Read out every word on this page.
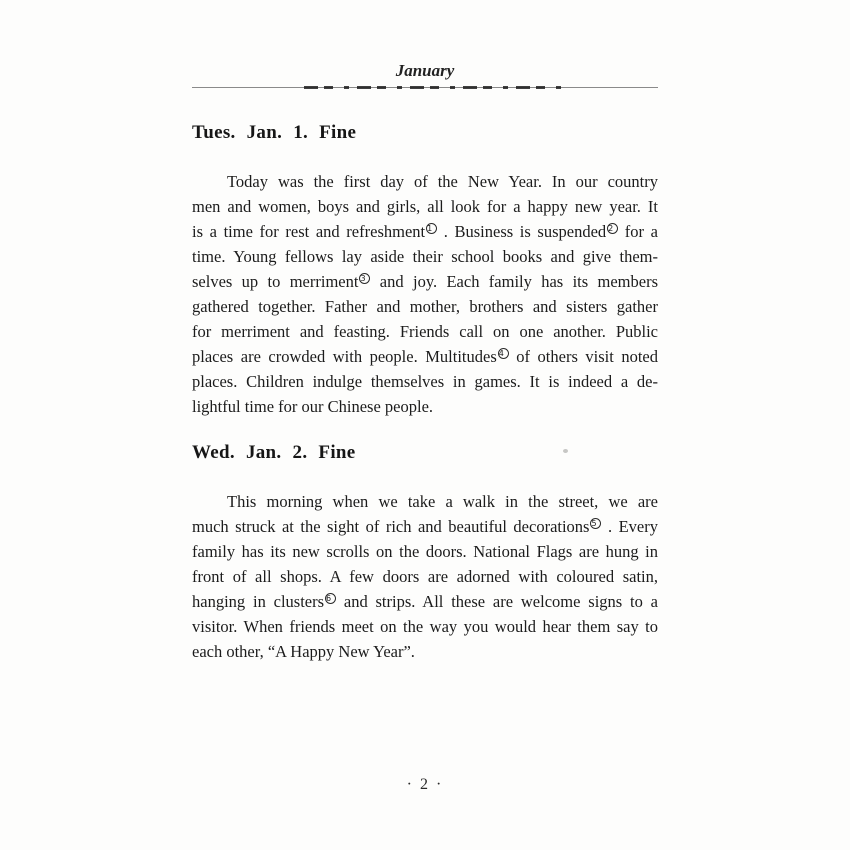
January
Tues. Jan. 1. Fine
Today was the first day of the New Year. In our country
men and women, boys and girls, all look for a happy new year. It
is a time for rest and refreshment 1 . Business is suspended 2 for a
time. Young fellows lay aside their school books and give them-
selves up to merriment 3 and joy. Each family has its members
gathered together. Father and mother, brothers and sisters gather
for merriment and feasting. Friends call on one another. Public
places are crowded with people. Multitudes 4 of others visit noted
places. Children indulge themselves in games. It is indeed a de-
lightful time for our Chinese people.
Wed. Jan. 2. Fine
This morning when we take a walk in the street, we are
much struck at the sight of rich and beautiful decorations 5 . Every
family has its new scrolls on the doors. National Flags are hung in
front of all shops. A few doors are adorned with coloured satin,
hanging in clusters 6 and strips. All these are welcome signs to a
visitor. When friends meet on the way you would hear them say to
each other, “A Happy New Year”.
· 2 ·
